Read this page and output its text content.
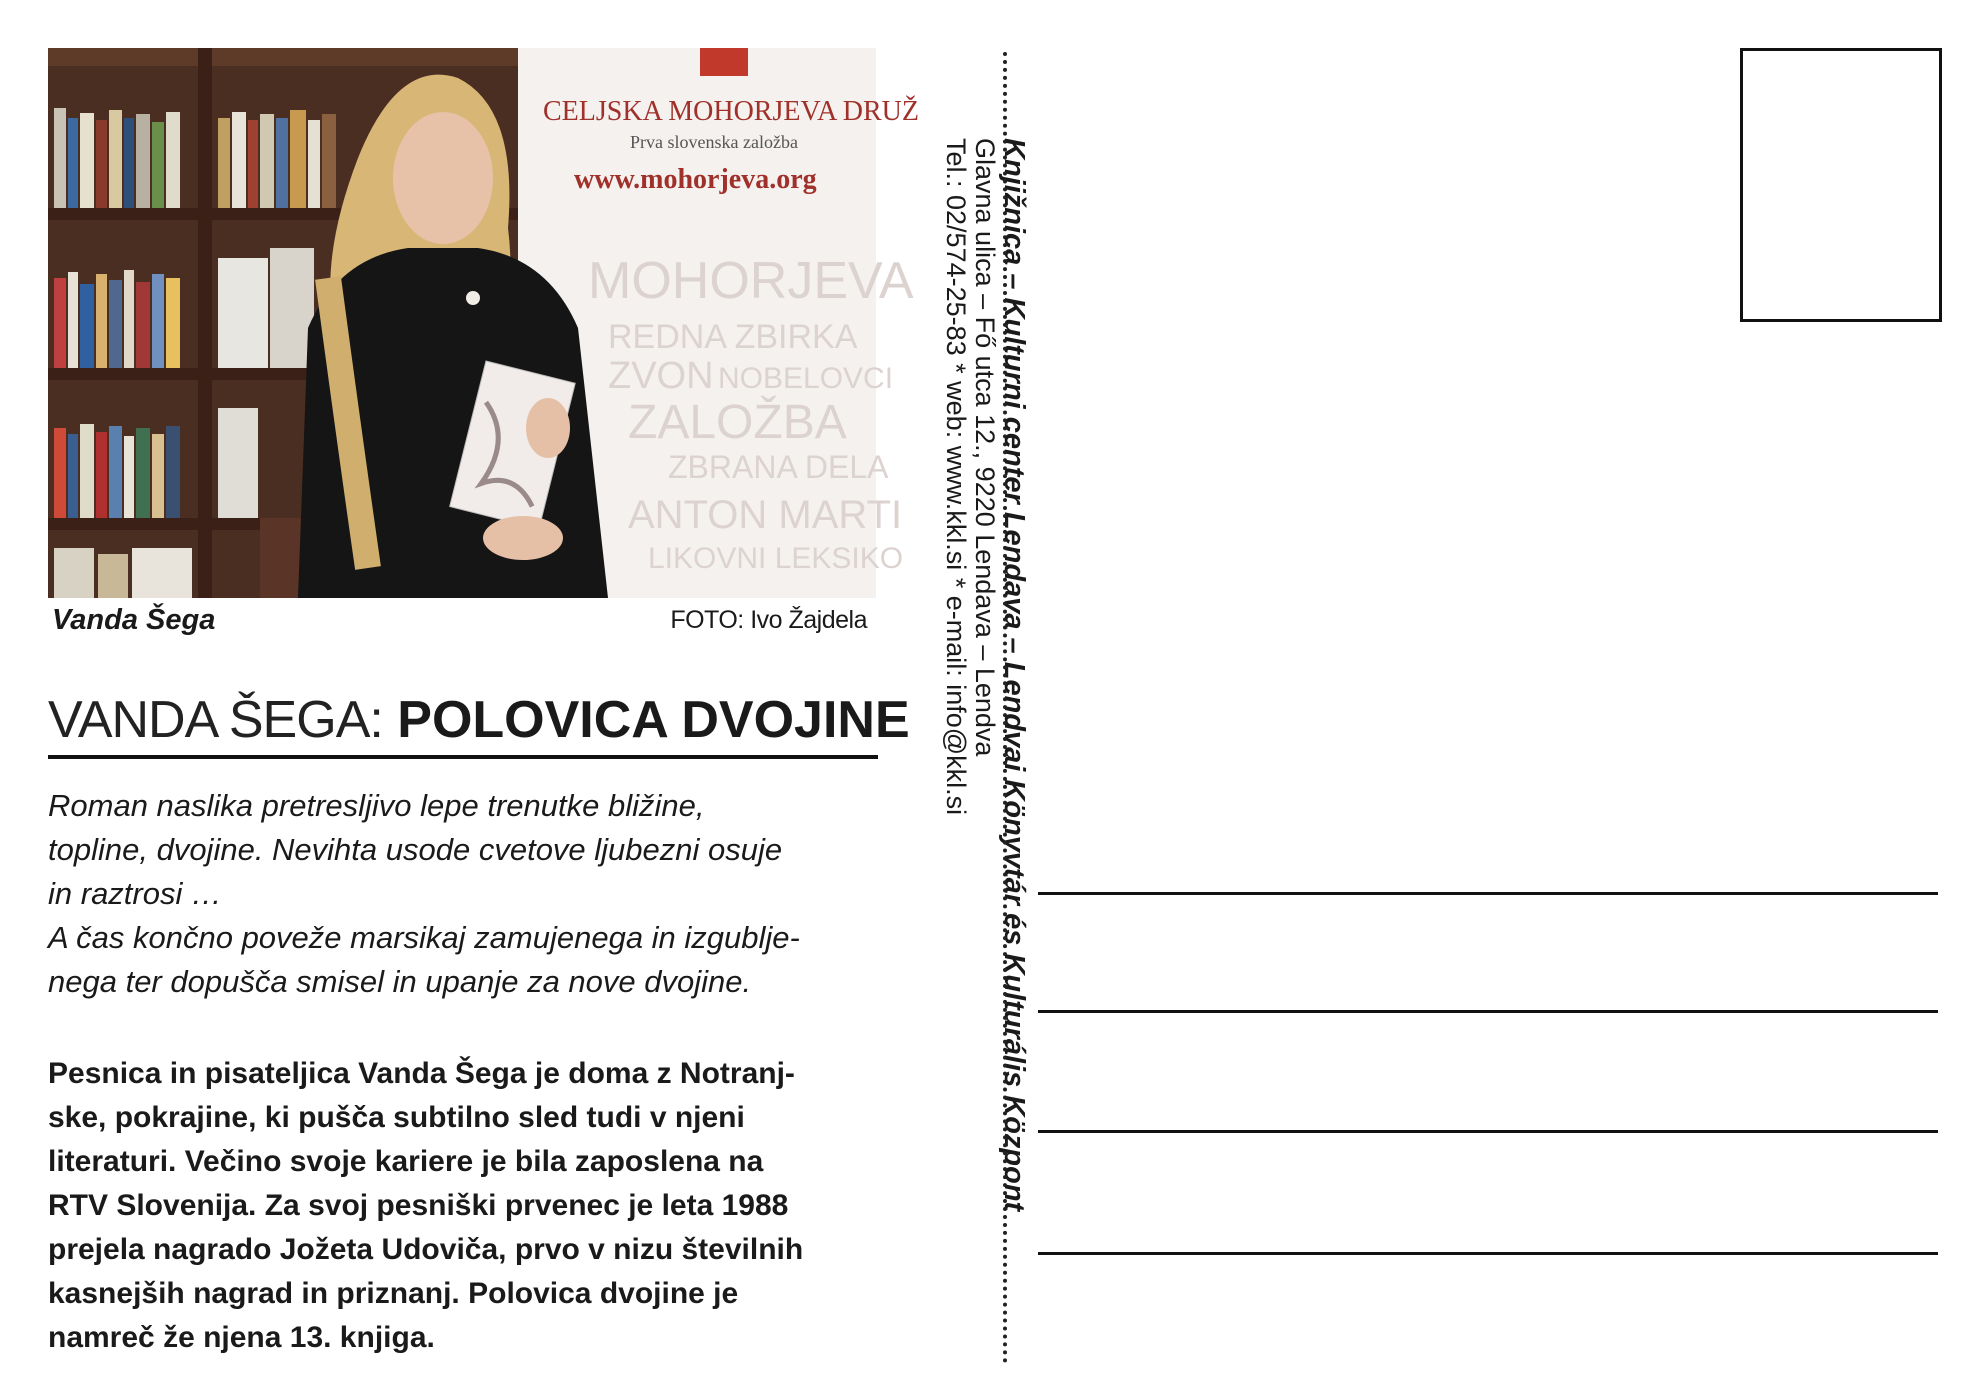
CELJSKA MOHORJEVA DRUŽ
Prva slovenska založba
www.mohorjeva.org
MOHORJEVA
REDNA ZBIRKA
ZVON NOBELOVCI
ZALOŽBA
ZBRANA DELA
ANTON MARTI
LIKOVNI LEKSIKO
Vanda Šega	FOTO: Ivo Žajdela
VANDA ŠEGA: POLOVICA DVOJINE

Roman naslika pretresljivo lepe trenutke bližine,

topline, dvojine. Nevihta usode cvetove ljubezni osuje

in raztrosi …

A čas končno poveže marsikaj zamujenega in izgublje-

nega ter dopušča smisel in upanje za nove dvojine.

Pesnica in pisateljica Vanda Šega je doma z Notranj-

ske, pokrajine, ki pušča subtilno sled tudi v njeni

literaturi. Večino svoje kariere je bila zaposlena na

RTV Slovenija. Za svoj pesniški prvenec je leta 1988

prejela nagrado Jožeta Udoviča, prvo v nizu številnih

kasnejših nagrad in priznanj. Polovica dvojine je

namreč že njena 13. knjiga.

Knjižnica – Kulturni center Lendava – Lendvai Könyvtár és Kulturális Központ
Glavna ulica – Fő utca 12., 9220 Lendava – Lendva
Tel.: 02/574-25-83 * web: www.kkl.si * e-mail: info@kkl.si
